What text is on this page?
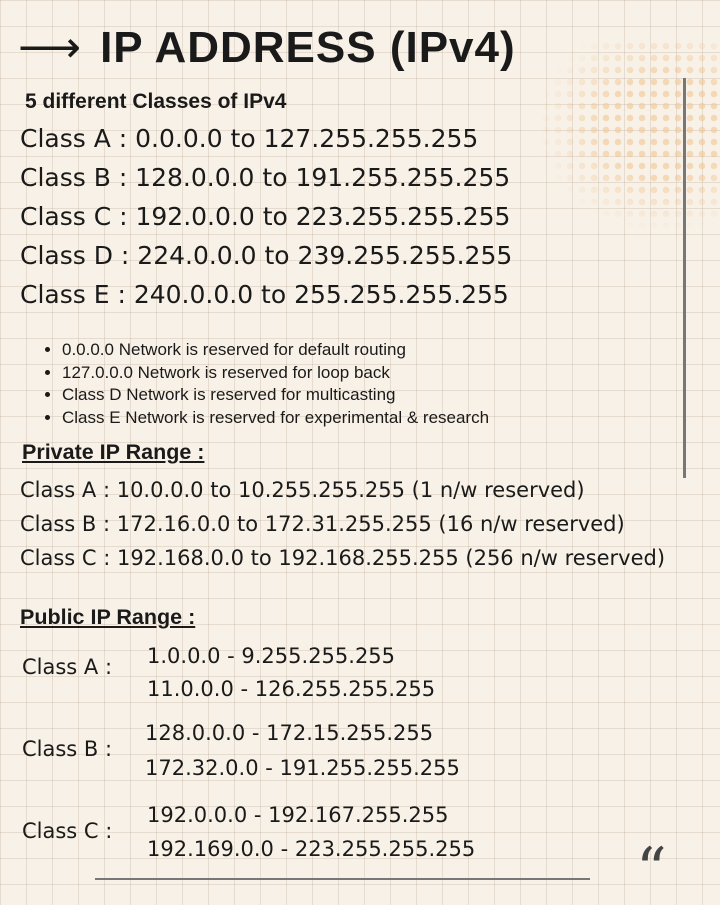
⟶ IP ADDRESS (IPv4)
5 different Classes of IPv4
Class A : 0.0.0.0 to 127.255.255.255
Class B : 128.0.0.0 to 191.255.255.255
Class C : 192.0.0.0 to 223.255.255.255
Class D : 224.0.0.0 to 239.255.255.255
Class E : 240.0.0.0 to 255.255.255.255
• 0.0.0.0 Network is reserved for default routing
• 127.0.0.0 Network is reserved for loop back
• Class D Network is reserved for multicasting
• Class E Network is reserved for experimental & research
Private IP Range :
Class A : 10.0.0.0 to 10.255.255.255 (1 n/w reserved)
Class B : 172.16.0.0 to 172.31.255.255 (16 n/w reserved)
Class C : 192.168.0.0 to 192.168.255.255 (256 n/w reserved)
Public IP Range :
Class A : 1.0.0.0 - 9.255.255.255
11.0.0.0 - 126.255.255.255
Class B :
128.0.0.0 - 172.15.255.255
172.32.0.0 - 191.255.255.255
Class C :
192.0.0.0 - 192.167.255.255
192.169.0.0 - 223.255.255.255	“
